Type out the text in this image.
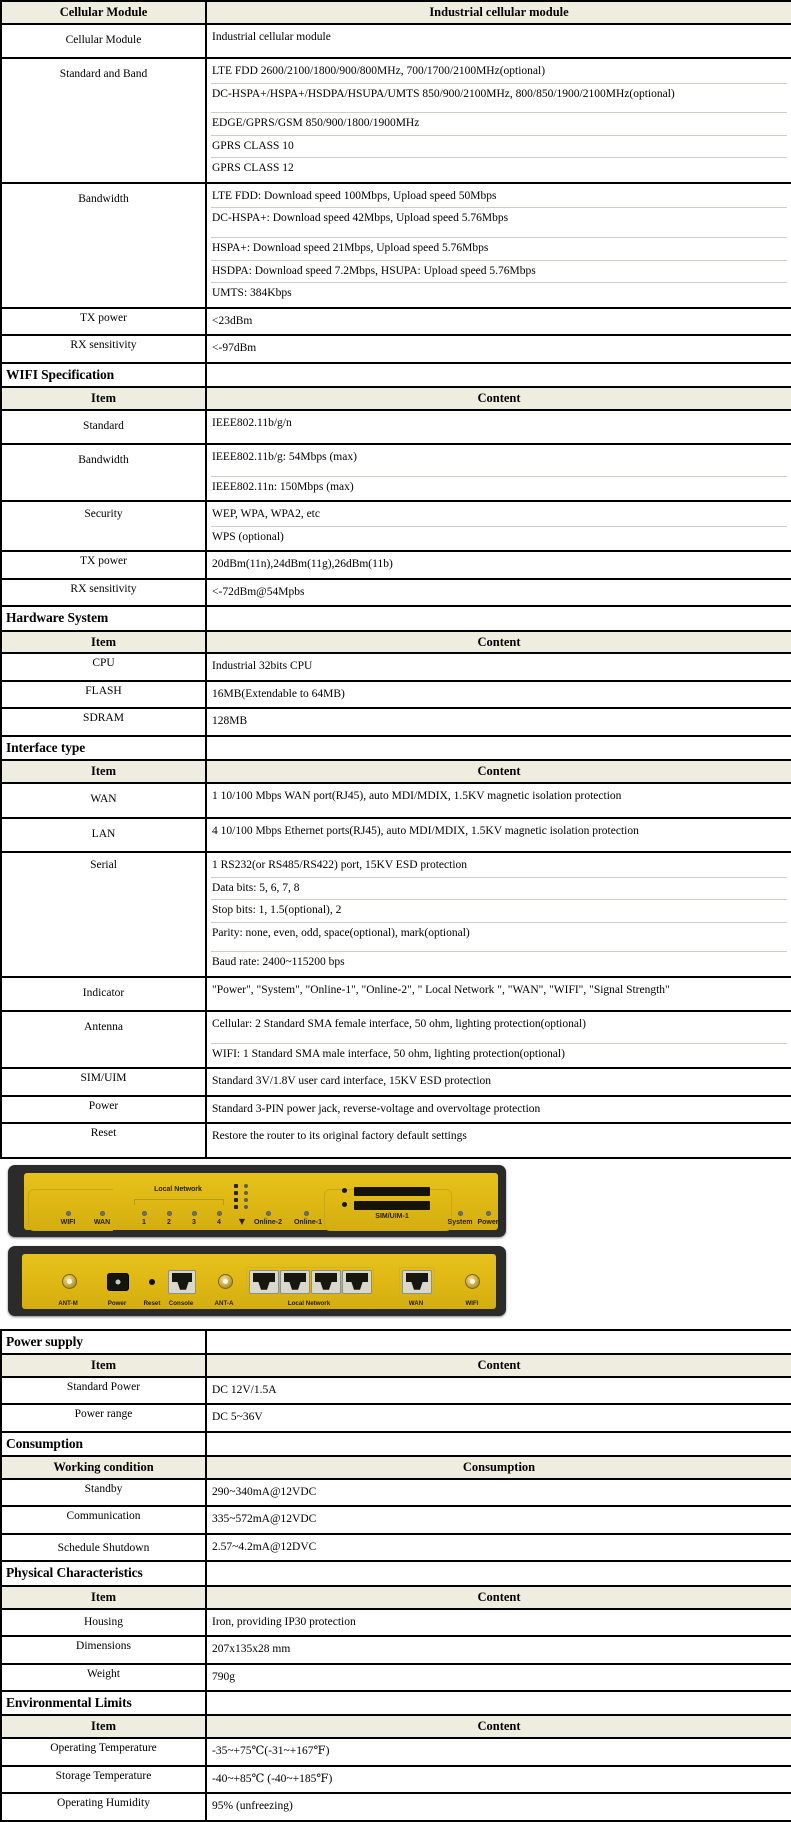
Cellular Module	Industrial cellular module
Cellular Module	Industrial cellular module

Standard and Band	LTE FDD 2600/2100/1800/900/800MHz, 700/1700/2100MHz(optional)
DC-HSPA+/HSPA+/HSDPA/HSUPA/UMTS 850/900/2100MHz, 800/850/1900/2100MHz(optional)
EDGE/GPRS/GSM 850/900/1800/1900MHz
GPRS CLASS 10
GPRS CLASS 12

Bandwidth	LTE FDD: Download speed 100Mbps, Upload speed 50Mbps
DC-HSPA+: Download speed 42Mbps, Upload speed 5.76Mbps
HSPA+: Download speed 21Mbps, Upload speed 5.76Mbps
HSDPA: Download speed 7.2Mbps, HSUPA: Upload speed 5.76Mbps
UMTS: 384Kbps

TX power	<23dBm

RX sensitivity	<-97dBm
WIFI Specification	
Item	Content
Standard	IEEE802.11b/g/n

Bandwidth	IEEE802.11b/g: 54Mbps (max)
IEEE802.11n: 150Mbps (max)

Security	WEP, WPA, WPA2, etc
WPS (optional)

TX power	20dBm(11n),24dBm(11g),26dBm(11b)

RX sensitivity	<-72dBm@54Mpbs
Hardware System	
Item	Content
CPU	Industrial 32bits CPU

FLASH	16MB(Extendable to 64MB)

SDRAM	128MB
Interface type	
Item	Content
WAN	1 10/100 Mbps WAN port(RJ45), auto MDI/MDIX, 1.5KV magnetic isolation protection

LAN	4 10/100 Mbps Ethernet ports(RJ45), auto MDI/MDIX, 1.5KV magnetic isolation protection

Serial	1 RS232(or RS485/RS422) port, 15KV ESD protection
Data bits: 5, 6, 7, 8
Stop bits: 1, 1.5(optional), 2
Parity: none, even, odd, space(optional), mark(optional)
Baud rate: 2400~115200 bps

Indicator	"Power", "System", "Online-1", "Online-2", " Local Network ", "WAN", "WIFI", "Signal Strength"

Antenna	Cellular: 2 Standard SMA female interface, 50 ohm, lighting protection(optional)
WIFI: 1 Standard SMA male interface, 50 ohm, lighting protection(optional)

SIM/UIM	Standard 3V/1.8V user card interface, 15KV ESD protection

Power	Standard 3-PIN power jack, reverse-voltage and overvoltage protection

Reset	Restore the router to its original factory default settings
Local Network
SIM/UIM-1
WIFI	WAN	1	2	3	4 ▼ Online-2 Online-1	System Power
ANT-M	Power	Reset Console	ANT-A	Local Network	WAN	WIFI
Power supply	
Item	Content
Standard Power	DC 12V/1.5A

Power range	DC 5~36V
Consumption	
Working condition	Consumption
Standby	290~340mA@12VDC

Communication	335~572mA@12VDC

Schedule Shutdown	2.57~4.2mA@12DVC
Physical Characteristics	
Item	Content
Housing	Iron, providing IP30 protection

Dimensions	207x135x28 mm

Weight	790g
Environmental Limits	
Item	Content
Operating Temperature	-35~+75℃(-31~+167℉)

Storage Temperature	-40~+85℃ (-40~+185℉)

Operating Humidity	95% (unfreezing)
